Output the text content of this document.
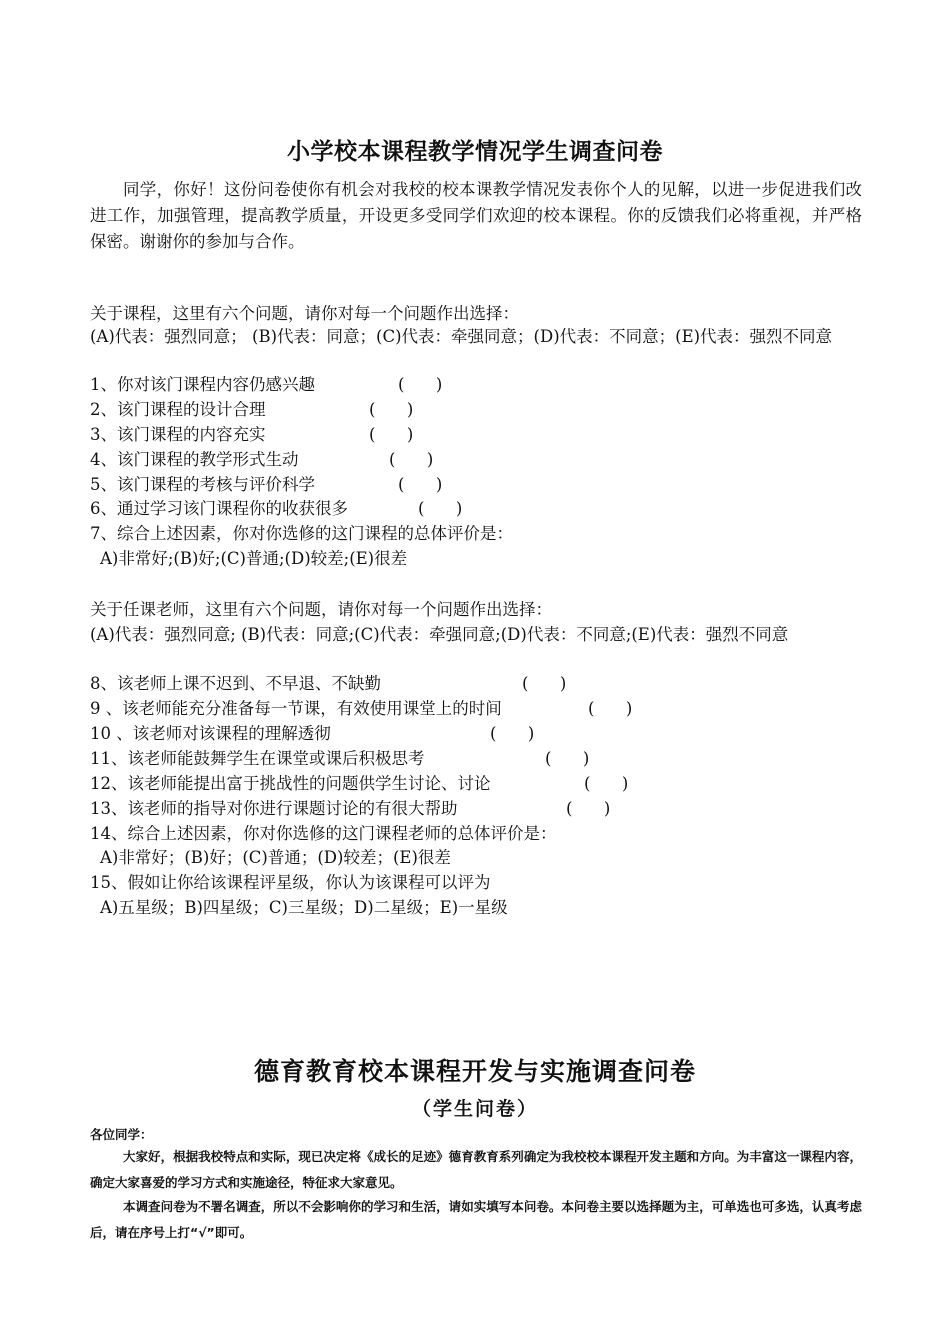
小学校本课程教学情况学生调查问卷

同学，你好！这份问卷使你有机会对我校的校本课教学情况发表你个人的见解，以进一步促进我们改进工作，加强管理，提高教学质量，开设更多受同学们欢迎的校本课程。你的反馈我们必将重视，并严格保密。谢谢你的参加与合作。

关于课程，这里有六个问题，请你对每一个问题作出选择：

(A)代表：强烈同意； (B)代表：同意；(C)代表：牵强同意；(D)代表：不同意；(E)代表：强烈不同意

1、你对该门课程内容仍感兴趣	(      )
2、该门课程的设计合理	(      )
3、该门课程的内容充实	(      )
4、该门课程的教学形式生动	(      )
5、该门课程的考核与评价科学	(      )
6、通过学习该门课程你的收获很多	(      )
7、综合上述因素，你对你选修的这门课程的总体评价是：
A)非常好;(B)好;(C)普通;(D)较差;(E)很差
关于任课老师，这里有六个问题，请你对每一个问题作出选择：

(A)代表：强烈同意; (B)代表：同意;(C)代表：牵强同意;(D)代表：不同意;(E)代表：强烈不同意

8、该老师上课不迟到、不早退、不缺勤	(      )
9 、该老师能充分准备每一节课，有效使用课堂上的时间	(      )
10 、该老师对该课程的理解透彻	(      )
11、该老师能鼓舞学生在课堂或课后积极思考	(      )
12、该老师能提出富于挑战性的问题供学生讨论、讨论	(      )
13、该老师的指导对你进行课题讨论的有很大帮助	(      )
14、综合上述因素，你对你选修的这门课程老师的总体评价是：
A)非常好；(B)好；(C)普通；(D)较差；(E)很差
15、假如让你给该课程评星级，你认为该课程可以评为
A)五星级；B)四星级；C)三星级；D)二星级；E)一星级
德育教育校本课程开发与实施调查问卷
（学生问卷）
各位同学：

大家好，根据我校特点和实际，现已决定将《成长的足迹》德育教育系列确定为我校校本课程开发主题和方向。为丰富这一课程内容，确定大家喜爱的学习方式和实施途径，特征求大家意见。

本调查问卷为不署名调查，所以不会影响你的学习和生活，请如实填写本问卷。本问卷主要以选择题为主，可单选也可多选，认真考虑后，请在序号上打“√”即可。
